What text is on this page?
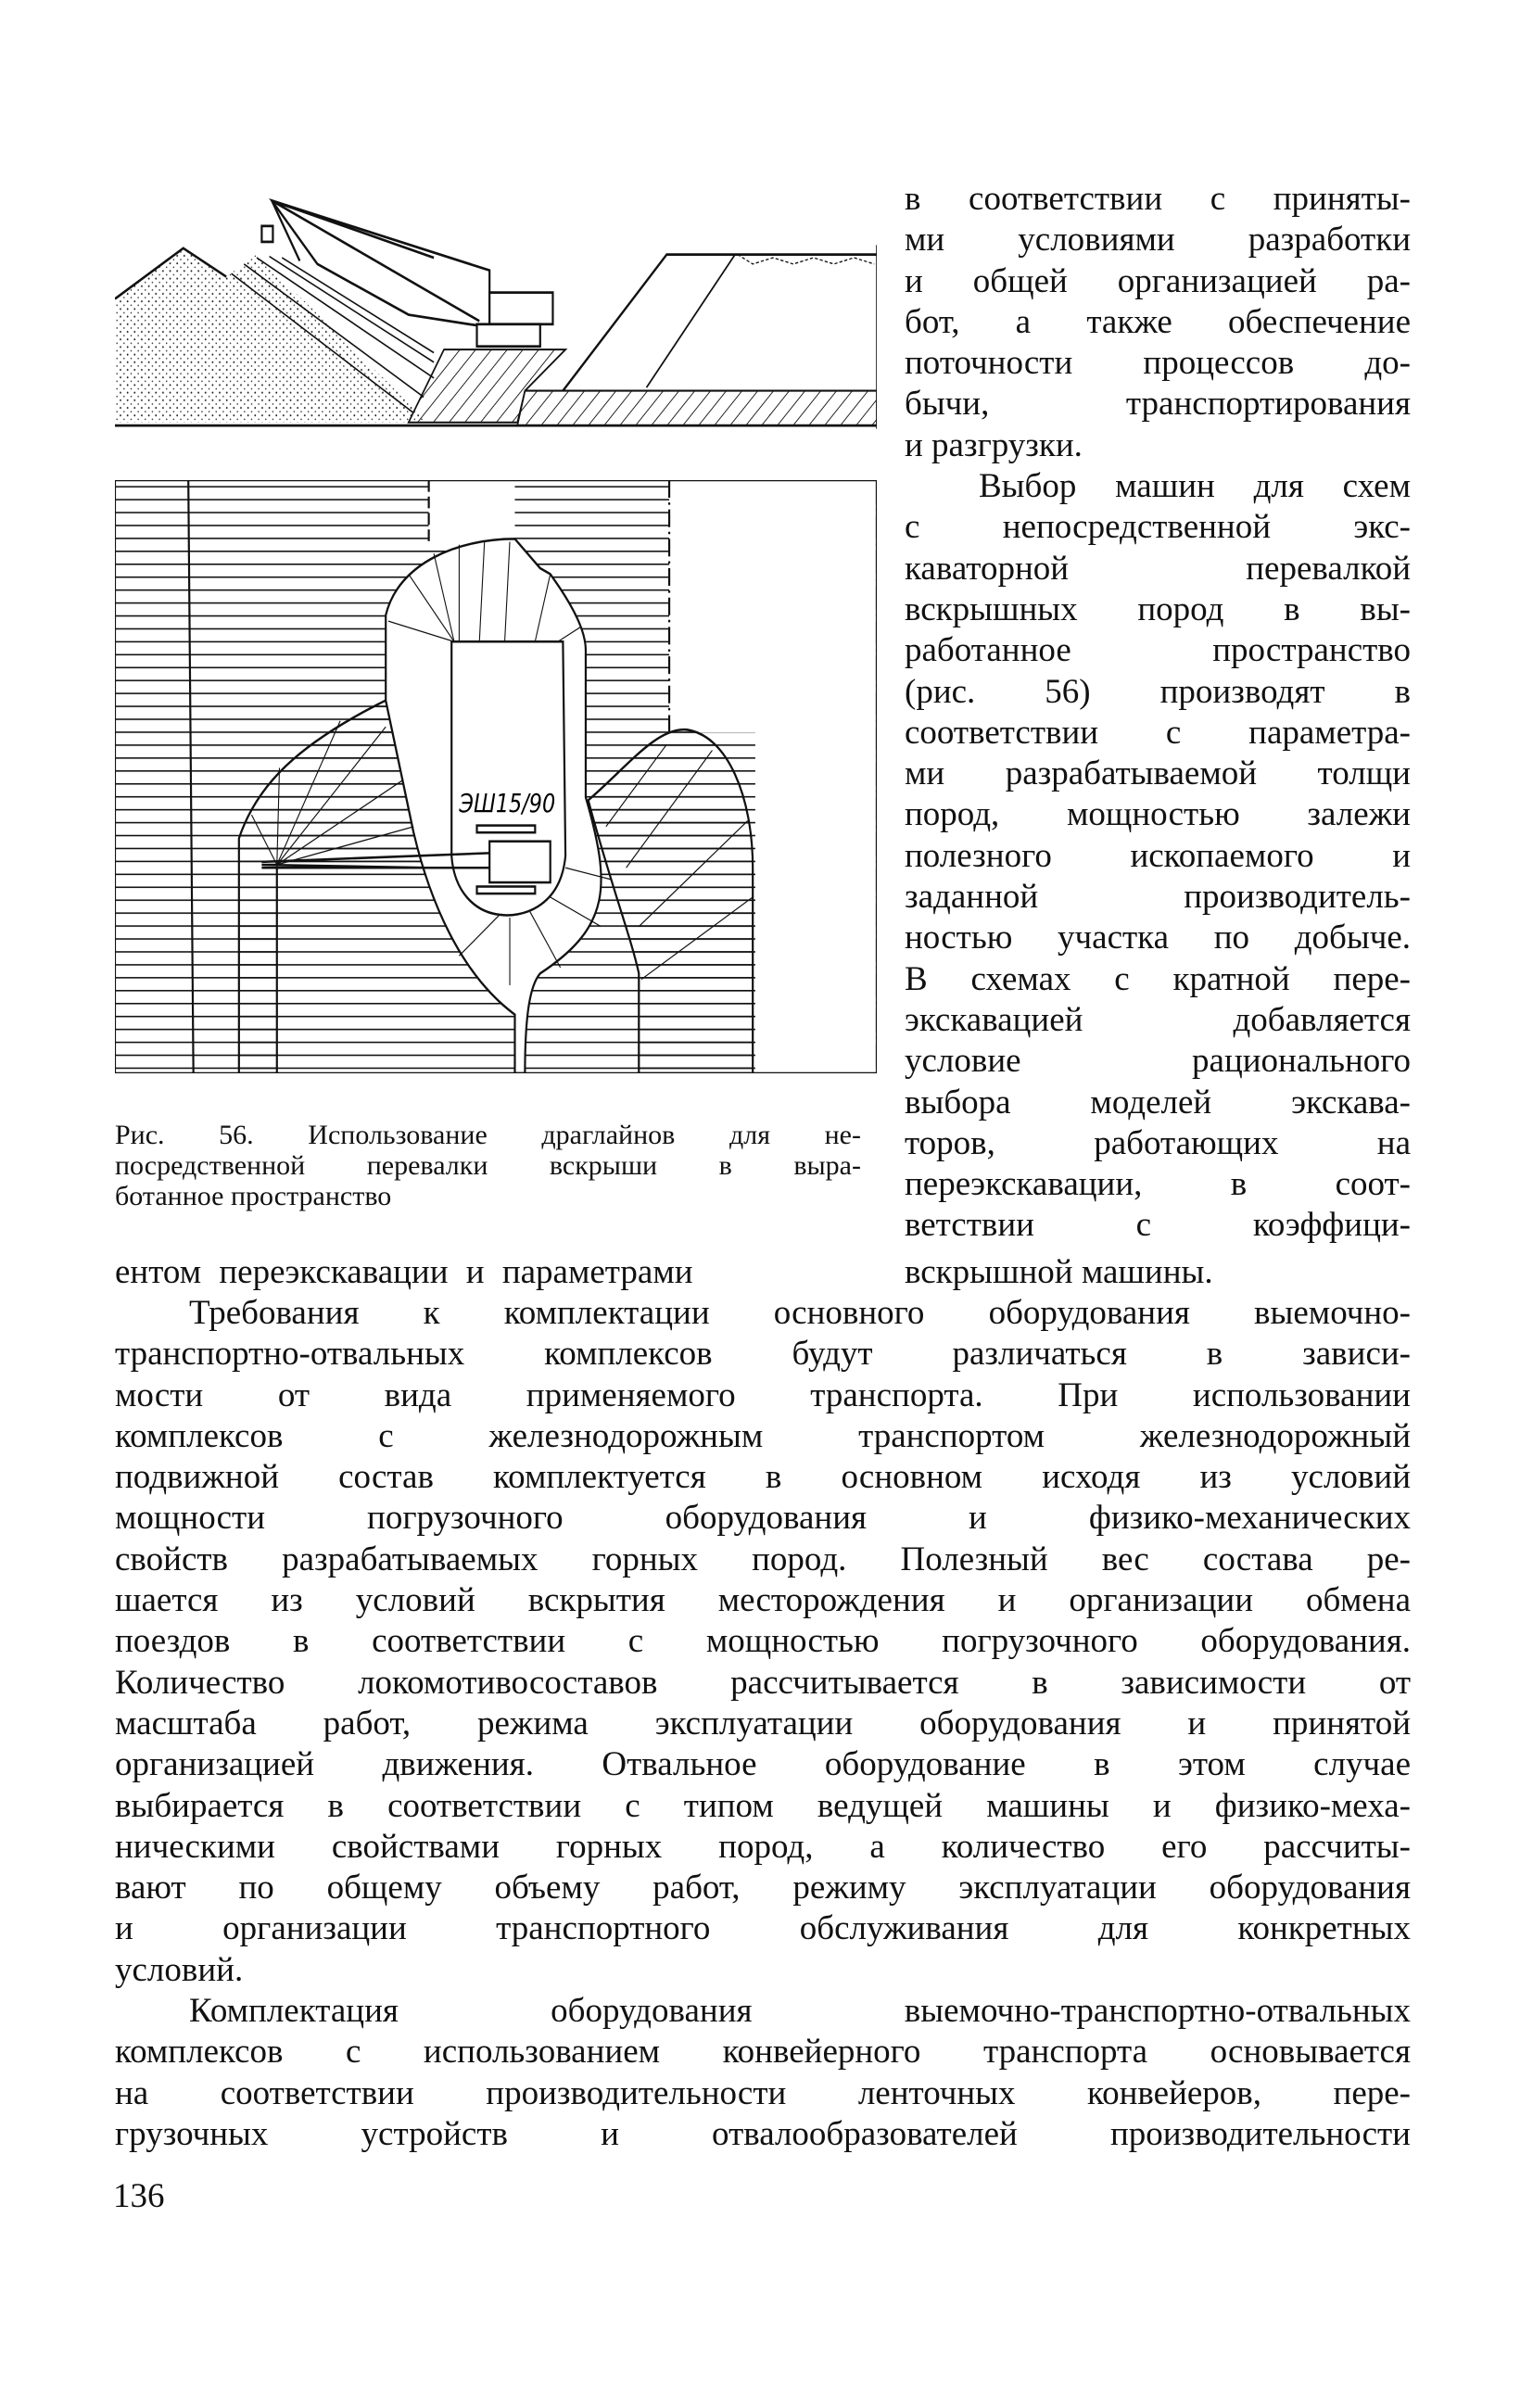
ЭШ15/90
Рис. 56. Использование драглайнов для не-
посредственной перевалки вскрыши в выра-
ботанное пространство
в соответствии с приняты-
ми условиями разработки
и общей организацией ра-
бот, а также обеспечение
поточности процессов до-
бычи, транспортирования
и разгрузки.
Выбор машин для схем
с непосредственной экс-
каваторной перевалкой
вскрышных пород в вы-
работанное пространство
(рис. 56) производят в
соответствии с параметра-
ми разрабатываемой толщи
пород, мощностью залежи
полезного ископаемого и
заданной производитель-
ностью участка по добыче.
В схемах с кратной пере-
экскавацией добавляется
условие рационального
выбора моделей экскава-
торов, работающих на
переэкскавации, в соот-
ветствии с коэффици-
ентом переэкскавации и параметрами	вскрышной машины.
Требования к комплектации основного оборудования выемочно-
транспортно-отвальных комплексов будут различаться в зависи-
мости от вида применяемого транспорта. При использовании
комплексов с железнодорожным транспортом железнодорожный
подвижной состав комплектуется в основном исходя из условий
мощности погрузочного оборудования и физико-механических
свойств разрабатываемых горных пород. Полезный вес состава ре-
шается из условий вскрытия месторождения и организации обмена
поездов в соответствии с мощностью погрузочного оборудования.
Количество локомотивосоставов рассчитывается в зависимости от
масштаба работ, режима эксплуатации оборудования и принятой
организацией движения. Отвальное оборудование в этом случае
выбирается в соответствии с типом ведущей машины и физико-меха-
ническими свойствами горных пород, а количество его рассчиты-
вают по общему объему работ, режиму эксплуатации оборудования
и организации транспортного обслуживания для конкретных
условий.
Комплектация оборудования выемочно-транспортно-отвальных
комплексов с использованием конвейерного транспорта основывается
на соответствии производительности ленточных конвейеров, пере-
грузочных устройств и отвалообразователей производительности
136
